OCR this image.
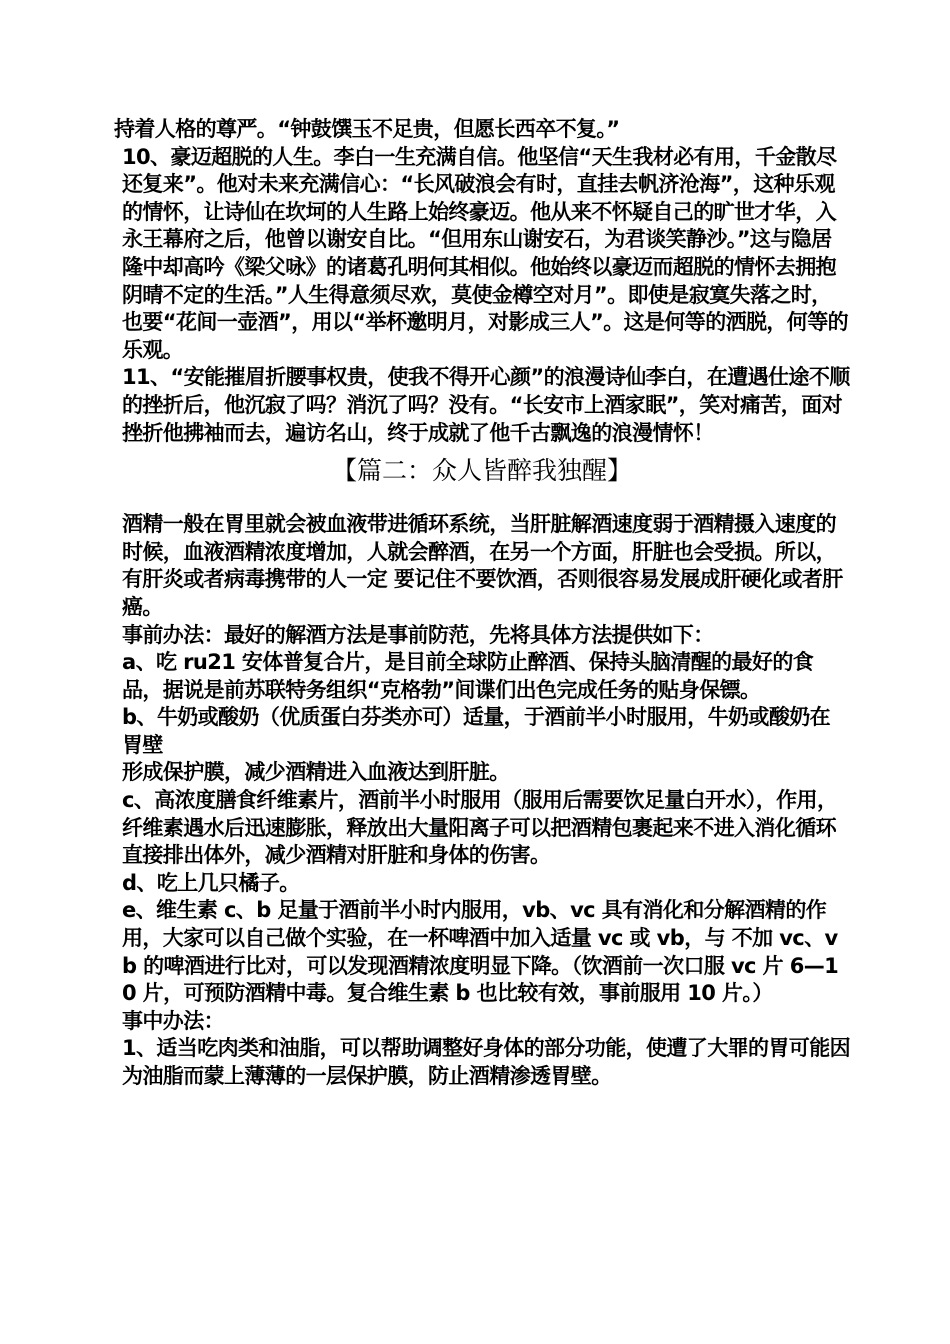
持着人格的尊严。“钟鼓馔玉不足贵，但愿长西卒不复。”

10、豪迈超脱的人生。李白一生充满自信。他坚信“天生我材必有用，千金散尽还复来”。他对未来充满信心：“长风破浪会有时，直挂去帆济沧海”，这种乐观的情怀，让诗仙在坎坷的人生路上始终豪迈。他从来不怀疑自己的旷世才华，入永王幕府之后，他曾以谢安自比。“但用东山谢安石，为君谈笑静沙。”这与隐居隆中却高吟《梁父咏》的诸葛孔明何其相似。他始终以豪迈而超脱的情怀去拥抱阴晴不定的生活。”人生得意须尽欢，莫使金樽空对月”。即使是寂寞失落之时，也要“花间一壶酒”，用以“举杯邀明月，对影成三人”。这是何等的洒脱，何等的乐观。

11、“安能摧眉折腰事权贵，使我不得开心颜”的浪漫诗仙李白，在遭遇仕途不顺的挫折后，他沉寂了吗？消沉了吗？没有。“长安市上酒家眠”，笑对痛苦，面对挫折他拂袖而去，遍访名山，终于成就了他千古飘逸的浪漫情怀！

【篇二：众人皆醉我独醒】

酒精一般在胃里就会被血液带进循环系统，当肝脏解酒速度弱于酒精摄入速度的时候，血液酒精浓度增加，人就会醉酒，在另一个方面，肝脏也会受损。所以，有肝炎或者病毒携带的人一定 要记住不要饮酒，否则很容易发展成肝硬化或者肝癌。

事前办法：最好的解酒方法是事前防范，先将具体方法提供如下：

a、吃 ru21 安体普复合片，是目前全球防止醉酒、保持头脑清醒的最好的食品，据说是前苏联特务组织“克格勃”间谍们出色完成任务的贴身保镖。

b、牛奶或酸奶（优质蛋白芬类亦可）适量，于酒前半小时服用，牛奶或酸奶在胃壁

形成保护膜，减少酒精进入血液达到肝脏。

c、高浓度膳食纤维素片，酒前半小时服用（服用后需要饮足量白开水），作用，纤维素遇水后迅速膨胀，释放出大量阳离子可以把酒精包裹起来不进入消化循环直接排出体外，减少酒精对肝脏和身体的伤害。

d、吃上几只橘子。

e、维生素 c、b 足量于酒前半小时内服用，vb、vc 具有消化和分解酒精的作用，大家可以自己做个实验，在一杯啤酒中加入适量 vc 或 vb，与 不加 vc、vb 的啤酒进行比对，可以发现酒精浓度明显下降。（饮酒前一次口服 vc 片 6—10 片，可预防酒精中毒。复合维生素 b 也比较有效，事前服用 10 片。）

事中办法：

1、适当吃肉类和油脂，可以帮助调整好身体的部分功能，使遭了大罪的胃可能因为油脂而蒙上薄薄的一层保护膜，防止酒精渗透胃壁。
